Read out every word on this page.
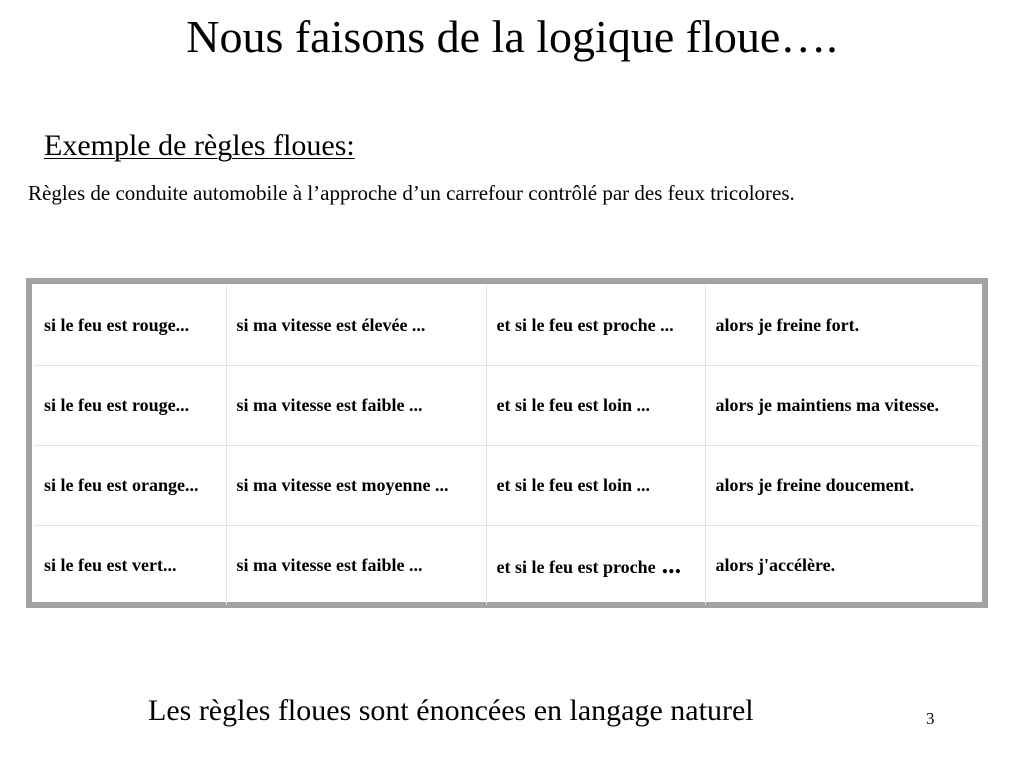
Nous faisons de la logique floue….
Exemple de règles floues:
Règles de conduite automobile à l’approche d’un carrefour contrôlé par des feux tricolores.
si le feu est rouge...	si ma vitesse est élevée ...	et si le feu est proche ...	alors je freine fort.
si le feu est rouge...	si ma vitesse est faible ...	et si le feu est loin ...	alors je maintiens ma vitesse.
si le feu est orange...	si ma vitesse est moyenne ...	et si le feu est loin ...	alors je freine doucement.
si le feu est vert...	si ma vitesse est faible ...	et si le feu est proche ...	alors j'accélère.
Les règles floues sont énoncées en langage naturel	3
